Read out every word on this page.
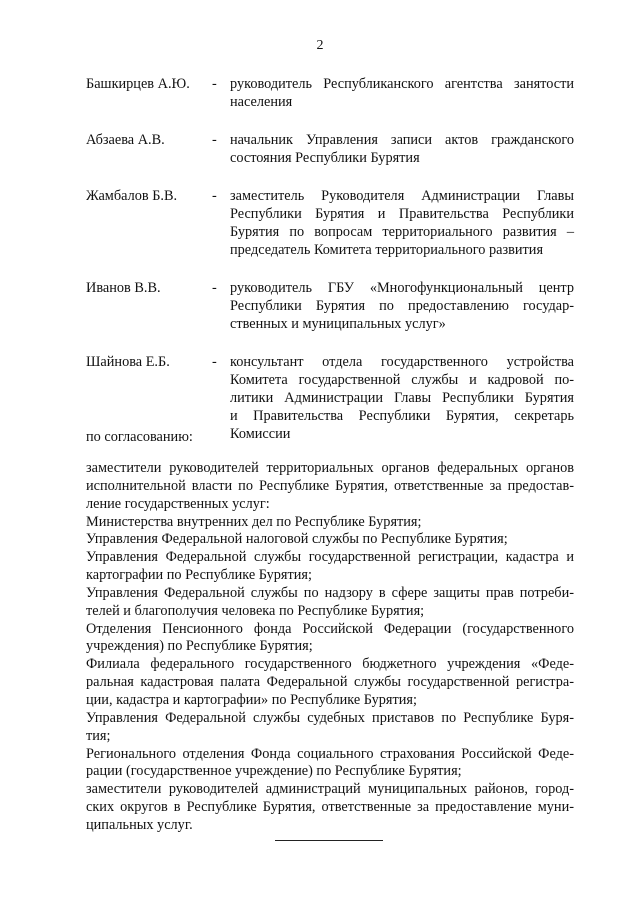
2
Башкирцев А.Ю.	- руководитель Республиканского агентства занятости
населения
Абзаева А.В.	- начальник Управления записи актов гражданского
состояния Республики Бурятия
Жамбалов Б.В.	- заместитель Руководителя Администрации Главы
Республики Бурятия и Правительства Республики
Бурятия по вопросам территориального развития –
председатель Комитета территориального развития
Иванов В.В.	- руководитель ГБУ «Многофункциональный центр
Республики Бурятия по предоставлению государ-
ственных и муниципальных услуг»
Шайнова Е.Б.	- консультант отдела государственного устройства
Комитета государственной службы и кадровой по-
литики Администрации Главы Республики Бурятия
и Правительства Республики Бурятия, секретарь
Комиссии
по согласованию:
заместители руководителей территориальных органов федеральных органов
исполнительной власти по Республике Бурятия, ответственные за предостав-
ление государственных услуг:
Министерства внутренних дел по Республике Бурятия;
Управления Федеральной налоговой службы по Республике Бурятия;
Управления Федеральной службы государственной регистрации, кадастра и
картографии по Республике Бурятия;
Управления Федеральной службы по надзору в сфере защиты прав потреби-
телей и благополучия человека по Республике Бурятия;
Отделения Пенсионного фонда Российской Федерации (государственного
учреждения) по Республике Бурятия;
Филиала федерального государственного бюджетного учреждения «Феде-
ральная кадастровая палата Федеральной службы государственной регистра-
ции, кадастра и картографии» по Республике Бурятия;
Управления Федеральной службы судебных приставов по Республике Буря-
тия;
Регионального отделения Фонда социального страхования Российской Феде-
рации (государственное учреждение) по Республике Бурятия;
заместители руководителей администраций муниципальных районов, город-
ских округов в Республике Бурятия, ответственные за предоставление муни-
ципальных услуг.
